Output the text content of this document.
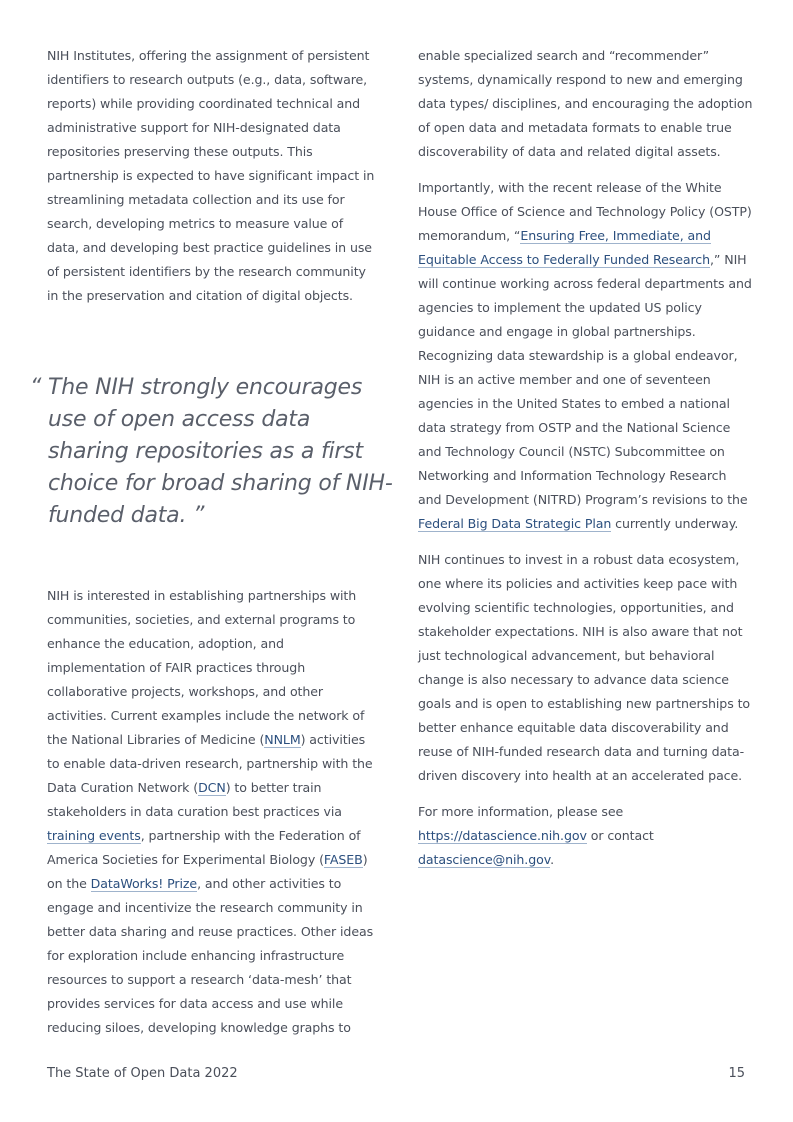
NIH Institutes, offering the assignment of persistent identifiers to research outputs (e.g., data, software, reports) while providing coordinated technical and administrative support for NIH-designated data repositories preserving these outputs. This partnership is expected to have significant impact in streamlining metadata collection and its use for search, developing metrics to measure value of data, and developing best practice guidelines in use of persistent identifiers by the research community in the preservation and citation of digital objects.

“ The NIH strongly encourages use of open access data sharing repositories as a first choice for broad sharing of NIH-funded data. ”

NIH is interested in establishing partnerships with communities, societies, and external programs to enhance the education, adoption, and implementation of FAIR practices through collaborative projects, workshops, and other activities. Current examples include the network of the National Libraries of Medicine (NNLM) activities to enable data-driven research, partnership with the Data Curation Network (DCN) to better train stakeholders in data curation best practices via training events, partnership with the Federation of America Societies for Experimental Biology (FASEB) on the DataWorks! Prize, and other activities to engage and incentivize the research community in better data sharing and reuse practices. Other ideas for exploration include enhancing infrastructure resources to support a research ‘data-mesh’ that provides services for data access and use while reducing siloes, developing knowledge graphs to

enable specialized search and “recommender” systems, dynamically respond to new and emerging data types/ disciplines, and encouraging the adoption of open data and metadata formats to enable true discoverability of data and related digital assets.

Importantly, with the recent release of the White House Office of Science and Technology Policy (OSTP) memorandum, “Ensuring Free, Immediate, and Equitable Access to Federally Funded Research,” NIH will continue working across federal departments and agencies to implement the updated US policy guidance and engage in global partnerships. Recognizing data stewardship is a global endeavor, NIH is an active member and one of seventeen agencies in the United States to embed a national data strategy from OSTP and the National Science and Technology Council (NSTC) Subcommittee on Networking and Information Technology Research and Development (NITRD) Program’s revisions to the Federal Big Data Strategic Plan currently underway.

NIH continues to invest in a robust data ecosystem, one where its policies and activities keep pace with evolving scientific technologies, opportunities, and stakeholder expectations. NIH is also aware that not just technological advancement, but behavioral change is also necessary to advance data science goals and is open to establishing new partnerships to better enhance equitable data discoverability and reuse of NIH-funded research data and turning data-driven discovery into health at an accelerated pace.

For more information, please see https://datascience.nih.gov or contact datascience@nih.gov.

The State of Open Data 2022	15
